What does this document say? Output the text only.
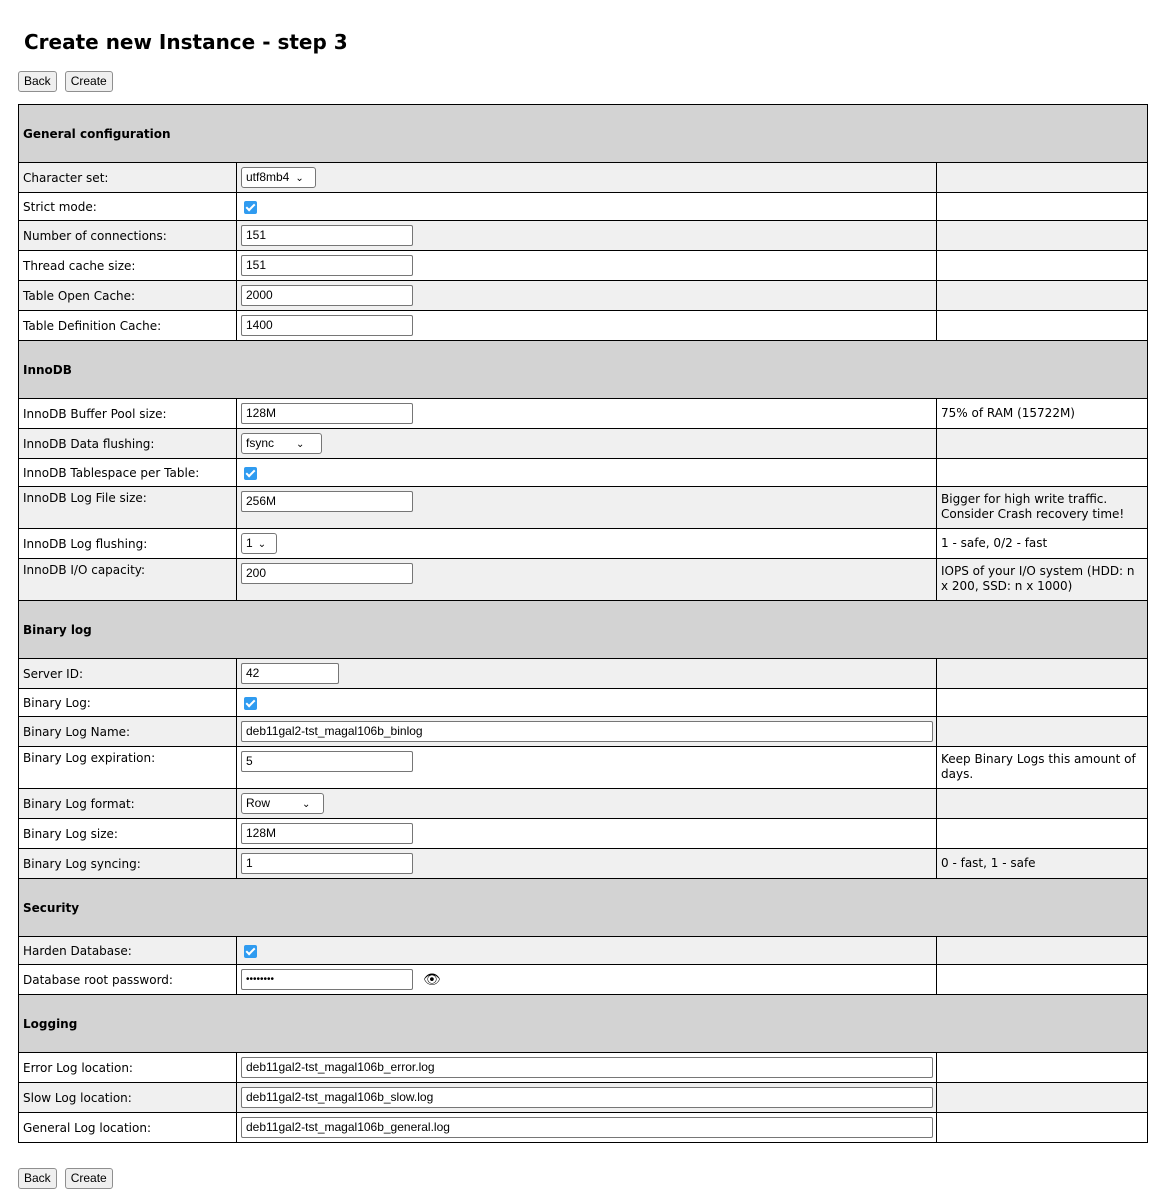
Create new Instance - step 3
Back Create
General configuration		
Character set:	utf8mb4 ⌄	
Strict mode:		
Number of connections:	151	
Thread cache size:	151	
Table Open Cache:	2000	
Table Definition Cache:	1400	
InnoDB		
InnoDB Buffer Pool size:	128M	75% of RAM (15722M)
InnoDB Data flushing:	fsync ⌄	
InnoDB Tablespace per Table:		
InnoDB Log File size:	256M	Bigger for high write traffic. Consider Crash recovery time!
InnoDB Log flushing:	1 ⌄	1 - safe, 0/2 - fast
InnoDB I/O capacity:	200	IOPS of your I/O system (HDD: n x 200, SSD: n x 1000)
Binary log		
Server ID:	42	
Binary Log:		
Binary Log Name:	deb11gal2-tst_magal106b_binlog	
Binary Log expiration:	5	Keep Binary Logs this amount of days.
Binary Log format:	Row ⌄	
Binary Log size:	128M	
Binary Log syncing:	1	0 - fast, 1 - safe
Security		
Harden Database:		
Database root password:	•••••••• 👁	
Logging		
Error Log location:	deb11gal2-tst_magal106b_error.log	
Slow Log location:	deb11gal2-tst_magal106b_slow.log	
General Log location:	deb11gal2-tst_magal106b_general.log	
Back Create
